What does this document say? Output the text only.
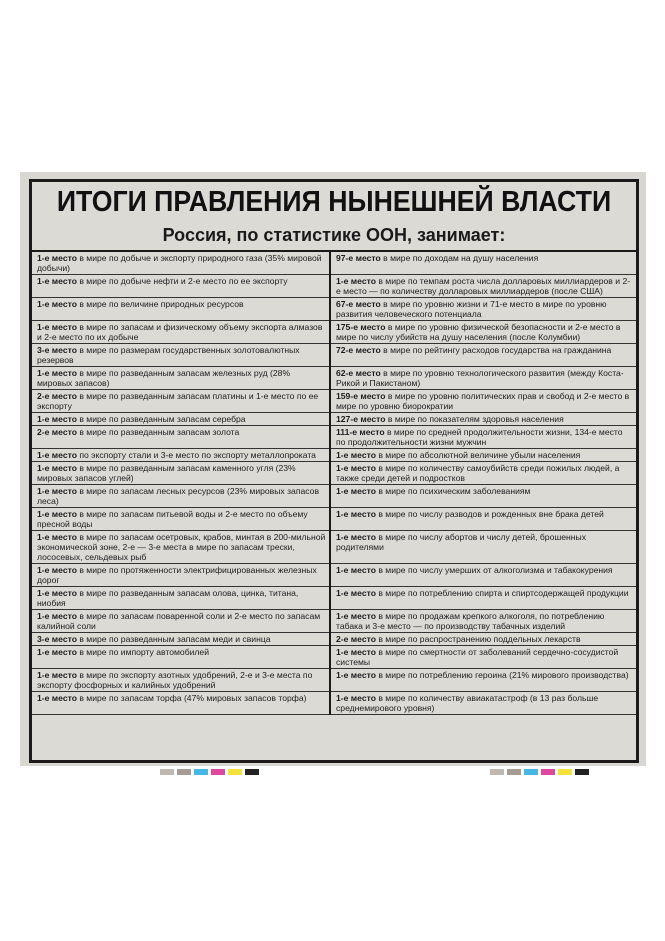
ИТОГИ ПРАВЛЕНИЯ НЫНЕШНЕЙ ВЛАСТИ
Россия, по статистике ООН, занимает:
1-е место в мире по добыче и экспорту природного газа (35% мировой добычи)	97-е место в мире по доходам на душу населения
1-е место в мире по добыче нефти и 2-е место по ее экспорту	1-е место в мире по темпам роста числа долларовых миллиардеров и 2-е место — по количеству долларовых миллиардеров (после США)
1-е место в мире по величине природных ресурсов	67-е место в мире по уровню жизни и 71-е место в мире по уровню развития человеческого потенциала
1-е место в мире по запасам и физическому объему экспорта алмазов и 2-е место по их добыче	175-е место в мире по уровню физической безопасности и 2-е место в мире по числу убийств на душу населения (после Колумбии)
3-е место в мире по размерам государственных золотовалютных резервов	72-е место в мире по рейтингу расходов государства на гражданина
1-е место в мире по разведанным запасам железных руд (28% мировых запасов)	62-е место в мире по уровню технологического развития (между Коста-Рикой и Пакистаном)
2-е место в мире по разведанным запасам платины и 1-е место по ее экспорту	159-е место в мире по уровню политических прав и свобод и 2-е место в мире по уровню биорократии
1-е место в мире по разведанным запасам серебра	127-е место в мире по показателям здоровья населения
2-е место в мире по разведанным запасам золота	111-е место в мире по средней продолжительности жизни, 134-е место по продолжительности жизни мужчин
1-е место по экспорту стали и 3-е место по экспорту металлопроката	1-е место в мире по абсолютной величине убыли населения
1-е место в мире по разведанным запасам каменного угля (23% мировых запасов углей)	1-е место в мире по количеству самоубийств среди пожилых людей, а также среди детей и подростков
1-е место в мире по запасам лесных ресурсов (23% мировых запасов леса)	1-е место в мире по психическим заболеваниям
1-е место в мире по запасам питьевой воды и 2-е место по объему пресной воды	1-е место в мире по числу разводов и рожденных вне брака детей
1-е место в мире по запасам осетровых, крабов, минтая в 200-мильной экономической зоне, 2-е — 3-е места в мире по запасам трески, лососевых, сельдевых рыб	1-е место в мире по числу абортов и числу детей, брошенных родителями
1-е место в мире по протяженности электрифицированных железных дорог	1-е место в мире по числу умерших от алкоголизма и табакокурения
1-е место в мире по разведанным запасам олова, цинка, титана, ниобия	1-е место в мире по потреблению спирта и спиртсодержащей продукции
1-е место в мире по запасам поваренной соли и 2-е место по запасам калийной соли	1-е место в мире по продажам крепкого алкоголя, по потреблению табака и 3-е место — по производству табачных изделий
3-е место в мире по разведанным запасам меди и свинца	2-е место в мире по распространению поддельных лекарств
1-е место в мире по импорту автомобилей	1-е место в мире по смертности от заболеваний сердечно-сосудистой системы
1-е место в мире по экспорту азотных удобрений, 2-е и 3-е места по экспорту фосфорных и калийных удобрений	1-е место в мире по потреблению героина (21% мирового производства)
1-е место в мире по запасам торфа (47% мировых запасов торфа)	1-е место в мире по количеству авиакатастроф (в 13 раз больше среднемирового уровня)
